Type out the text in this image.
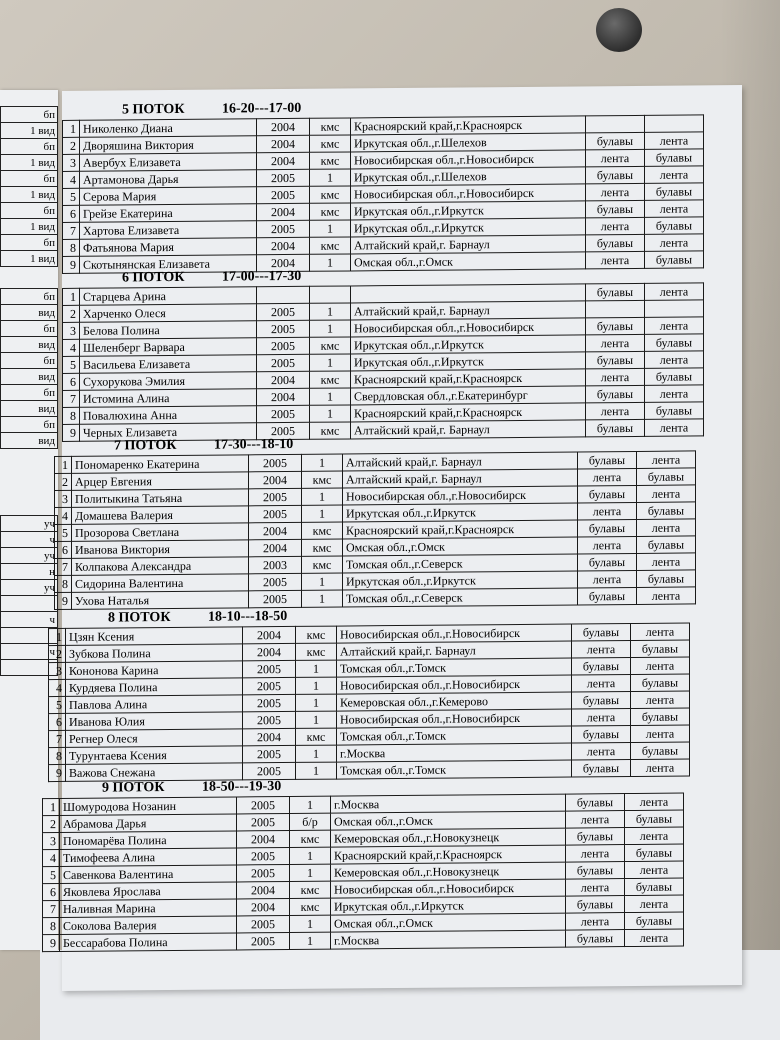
бп
1 вид
бп
1 вид
бп
1 вид
бп
1 вид
бп
1 вид
бп
вид
бп
вид
бп
вид
бп
вид
бп
вид
уч
ч
уч
н
уч

ч

ч

5 ПОТОК	16-20---17-00
1	Николенко Диана	2004	кмс	Красноярский край,г.Красноярск		
2	Дворяшина Виктория	2004	кмс	Иркутская обл.,г.Шелехов	булавы	лента
3	Авербух Елизавета	2004	кмс	Новосибирская обл.,г.Новосибирск	лента	булавы
4	Артамонова Дарья	2005	1	Иркутская обл.,г.Шелехов	булавы	лента
5	Серова Мария	2005	кмс	Новосибирская обл.,г.Новосибирск	лента	булавы
6	Грейзе Екатерина	2004	кмс	Иркутская обл.,г.Иркутск	булавы	лента
7	Хартова Елизавета	2005	1	Иркутская обл.,г.Иркутск	лента	булавы
8	Фатьянова Мария	2004	кмс	Алтайский край,г. Барнаул	булавы	лента
9	Скотынянская Елизавета	2004	1	Омская обл.,г.Омск	лента	булавы
6 ПОТОК	17-00---17-30
1	Старцева Арина				булавы	лента
2	Харченко Олеся	2005	1	Алтайский край,г. Барнаул		
3	Белова Полина	2005	1	Новосибирская обл.,г.Новосибирск	булавы	лента
4	Шеленберг Варвара	2005	кмс	Иркутская обл.,г.Иркутск	лента	булавы
5	Васильева Елизавета	2005	1	Иркутская обл.,г.Иркутск	булавы	лента
6	Сухорукова Эмилия	2004	кмс	Красноярский край,г.Красноярск	лента	булавы
7	Истомина Алина	2004	1	Свердловская обл.,г.Екатеринбург	булавы	лента
8	Повалюхина Анна	2005	1	Красноярский край,г.Красноярск	лента	булавы
9	Черных Елизавета	2005	кмс	Алтайский край,г. Барнаул	булавы	лента
7 ПОТОК	17-30---18-10
1	Пономаренко Екатерина	2005	1	Алтайский край,г. Барнаул	булавы	лента
2	Арцер Евгения	2004	кмс	Алтайский край,г. Барнаул	лента	булавы
3	Политыкина Татьяна	2005	1	Новосибирская обл.,г.Новосибирск	булавы	лента
4	Домашева Валерия	2005	1	Иркутская обл.,г.Иркутск	лента	булавы
5	Прозорова Светлана	2004	кмс	Красноярский край,г.Красноярск	булавы	лента
6	Иванова Виктория	2004	кмс	Омская обл.,г.Омск	лента	булавы
7	Колпакова Александра	2003	кмс	Томская обл.,г.Северск	булавы	лента
8	Сидорина Валентина	2005	1	Иркутская обл.,г.Иркутск	лента	булавы
9	Ухова Наталья	2005	1	Томская обл.,г.Северск	булавы	лента
8 ПОТОК	18-10---18-50
1	Цзян Ксения	2004	кмс	Новосибирская обл.,г.Новосибирск	булавы	лента
2	Зубкова Полина	2004	кмс	Алтайский край,г. Барнаул	лента	булавы
3	Кононова Карина	2005	1	Томская обл.,г.Томск	булавы	лента
4	Курдяева Полина	2005	1	Новосибирская обл.,г.Новосибирск	лента	булавы
5	Павлова Алина	2005	1	Кемеровская обл.,г.Кемерово	булавы	лента
6	Иванова Юлия	2005	1	Новосибирская обл.,г.Новосибирск	лента	булавы
7	Регнер Олеся	2004	кмс	Томская обл.,г.Томск	булавы	лента
8	Турунтаева Ксения	2005	1	г.Москва	лента	булавы
9	Важова Снежана	2005	1	Томская обл.,г.Томск	булавы	лента
9 ПОТОК	18-50---19-30
1	Шомуродова Нозанин	2005	1	г.Москва	булавы	лента
2	Абрамова Дарья	2005	б/р	Омская обл.,г.Омск	лента	булавы
3	Пономарёва Полина	2004	кмс	Кемеровская обл.,г.Новокузнецк	булавы	лента
4	Тимофеева Алина	2005	1	Красноярский край,г.Красноярск	лента	булавы
5	Савенкова Валентина	2005	1	Кемеровская обл.,г.Новокузнецк	булавы	лента
6	Яковлева Ярослава	2004	кмс	Новосибирская обл.,г.Новосибирск	лента	булавы
7	Наливная Марина	2004	кмс	Иркутская обл.,г.Иркутск	булавы	лента
8	Соколова Валерия	2005	1	Омская обл.,г.Омск	лента	булавы
9	Бессарабова Полина	2005	1	г.Москва	булавы	лента
